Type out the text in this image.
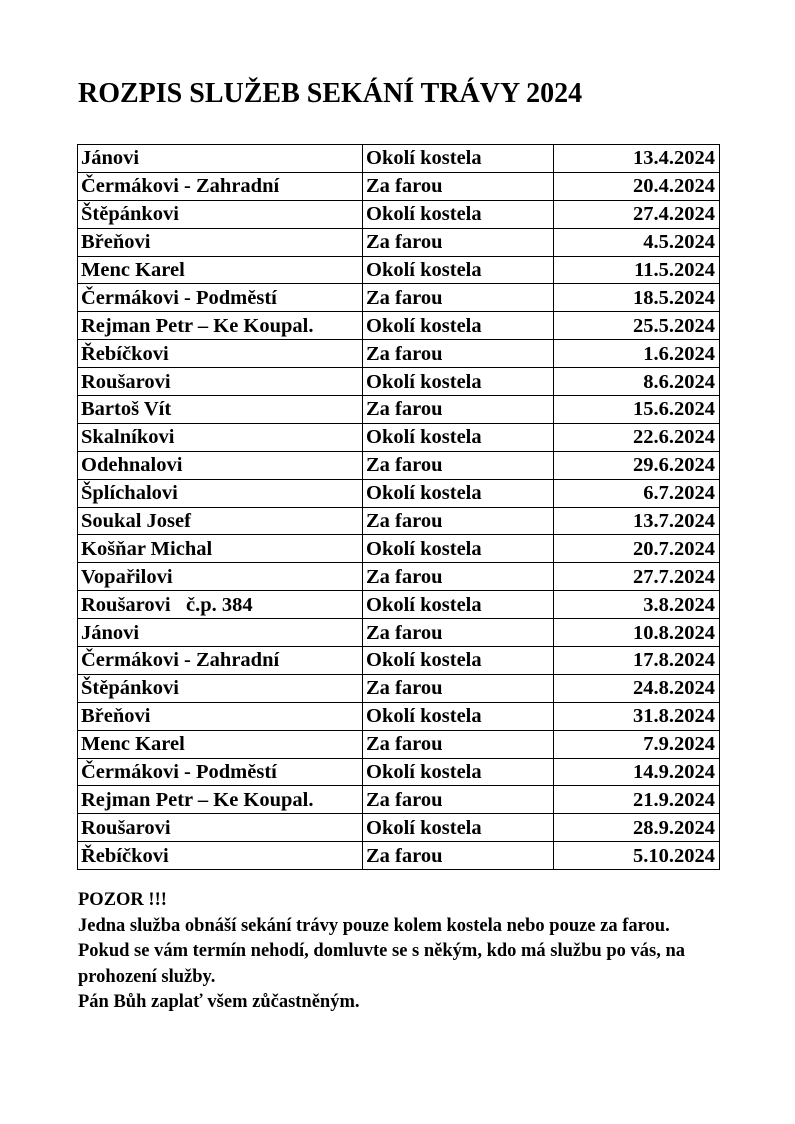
ROZPIS SLUŽEB SEKÁNÍ TRÁVY 2024
Jánovi	Okolí kostela	13.4.2024
Čermákovi - Zahradní	Za farou	20.4.2024
Štěpánkovi	Okolí kostela	27.4.2024
Břeňovi	Za farou	4.5.2024
Menc Karel	Okolí kostela	11.5.2024
Čermákovi - Podměstí	Za farou	18.5.2024
Rejman Petr – Ke Koupal.	Okolí kostela	25.5.2024
Řebíčkovi	Za farou	1.6.2024
Roušarovi	Okolí kostela	8.6.2024
Bartoš Vít	Za farou	15.6.2024
Skalníkovi	Okolí kostela	22.6.2024
Odehnalovi	Za farou	29.6.2024
Šplíchalovi	Okolí kostela	6.7.2024
Soukal Josef	Za farou	13.7.2024
Košňar Michal	Okolí kostela	20.7.2024
Vopařilovi	Za farou	27.7.2024
Roušarovi   č.p. 384	Okolí kostela	3.8.2024
Jánovi	Za farou	10.8.2024
Čermákovi - Zahradní	Okolí kostela	17.8.2024
Štěpánkovi	Za farou	24.8.2024
Břeňovi	Okolí kostela	31.8.2024
Menc Karel	Za farou	7.9.2024
Čermákovi - Podměstí	Okolí kostela	14.9.2024
Rejman Petr – Ke Koupal.	Za farou	21.9.2024
Roušarovi	Okolí kostela	28.9.2024
Řebíčkovi	Za farou	5.10.2024

POZOR !!!

Jedna služba obnáší sekání trávy pouze kolem kostela nebo pouze za farou.

Pokud se vám termín nehodí, domluvte se s někým, kdo má službu po vás, na prohození služby.

Pán Bůh zaplať všem zůčastněným.
